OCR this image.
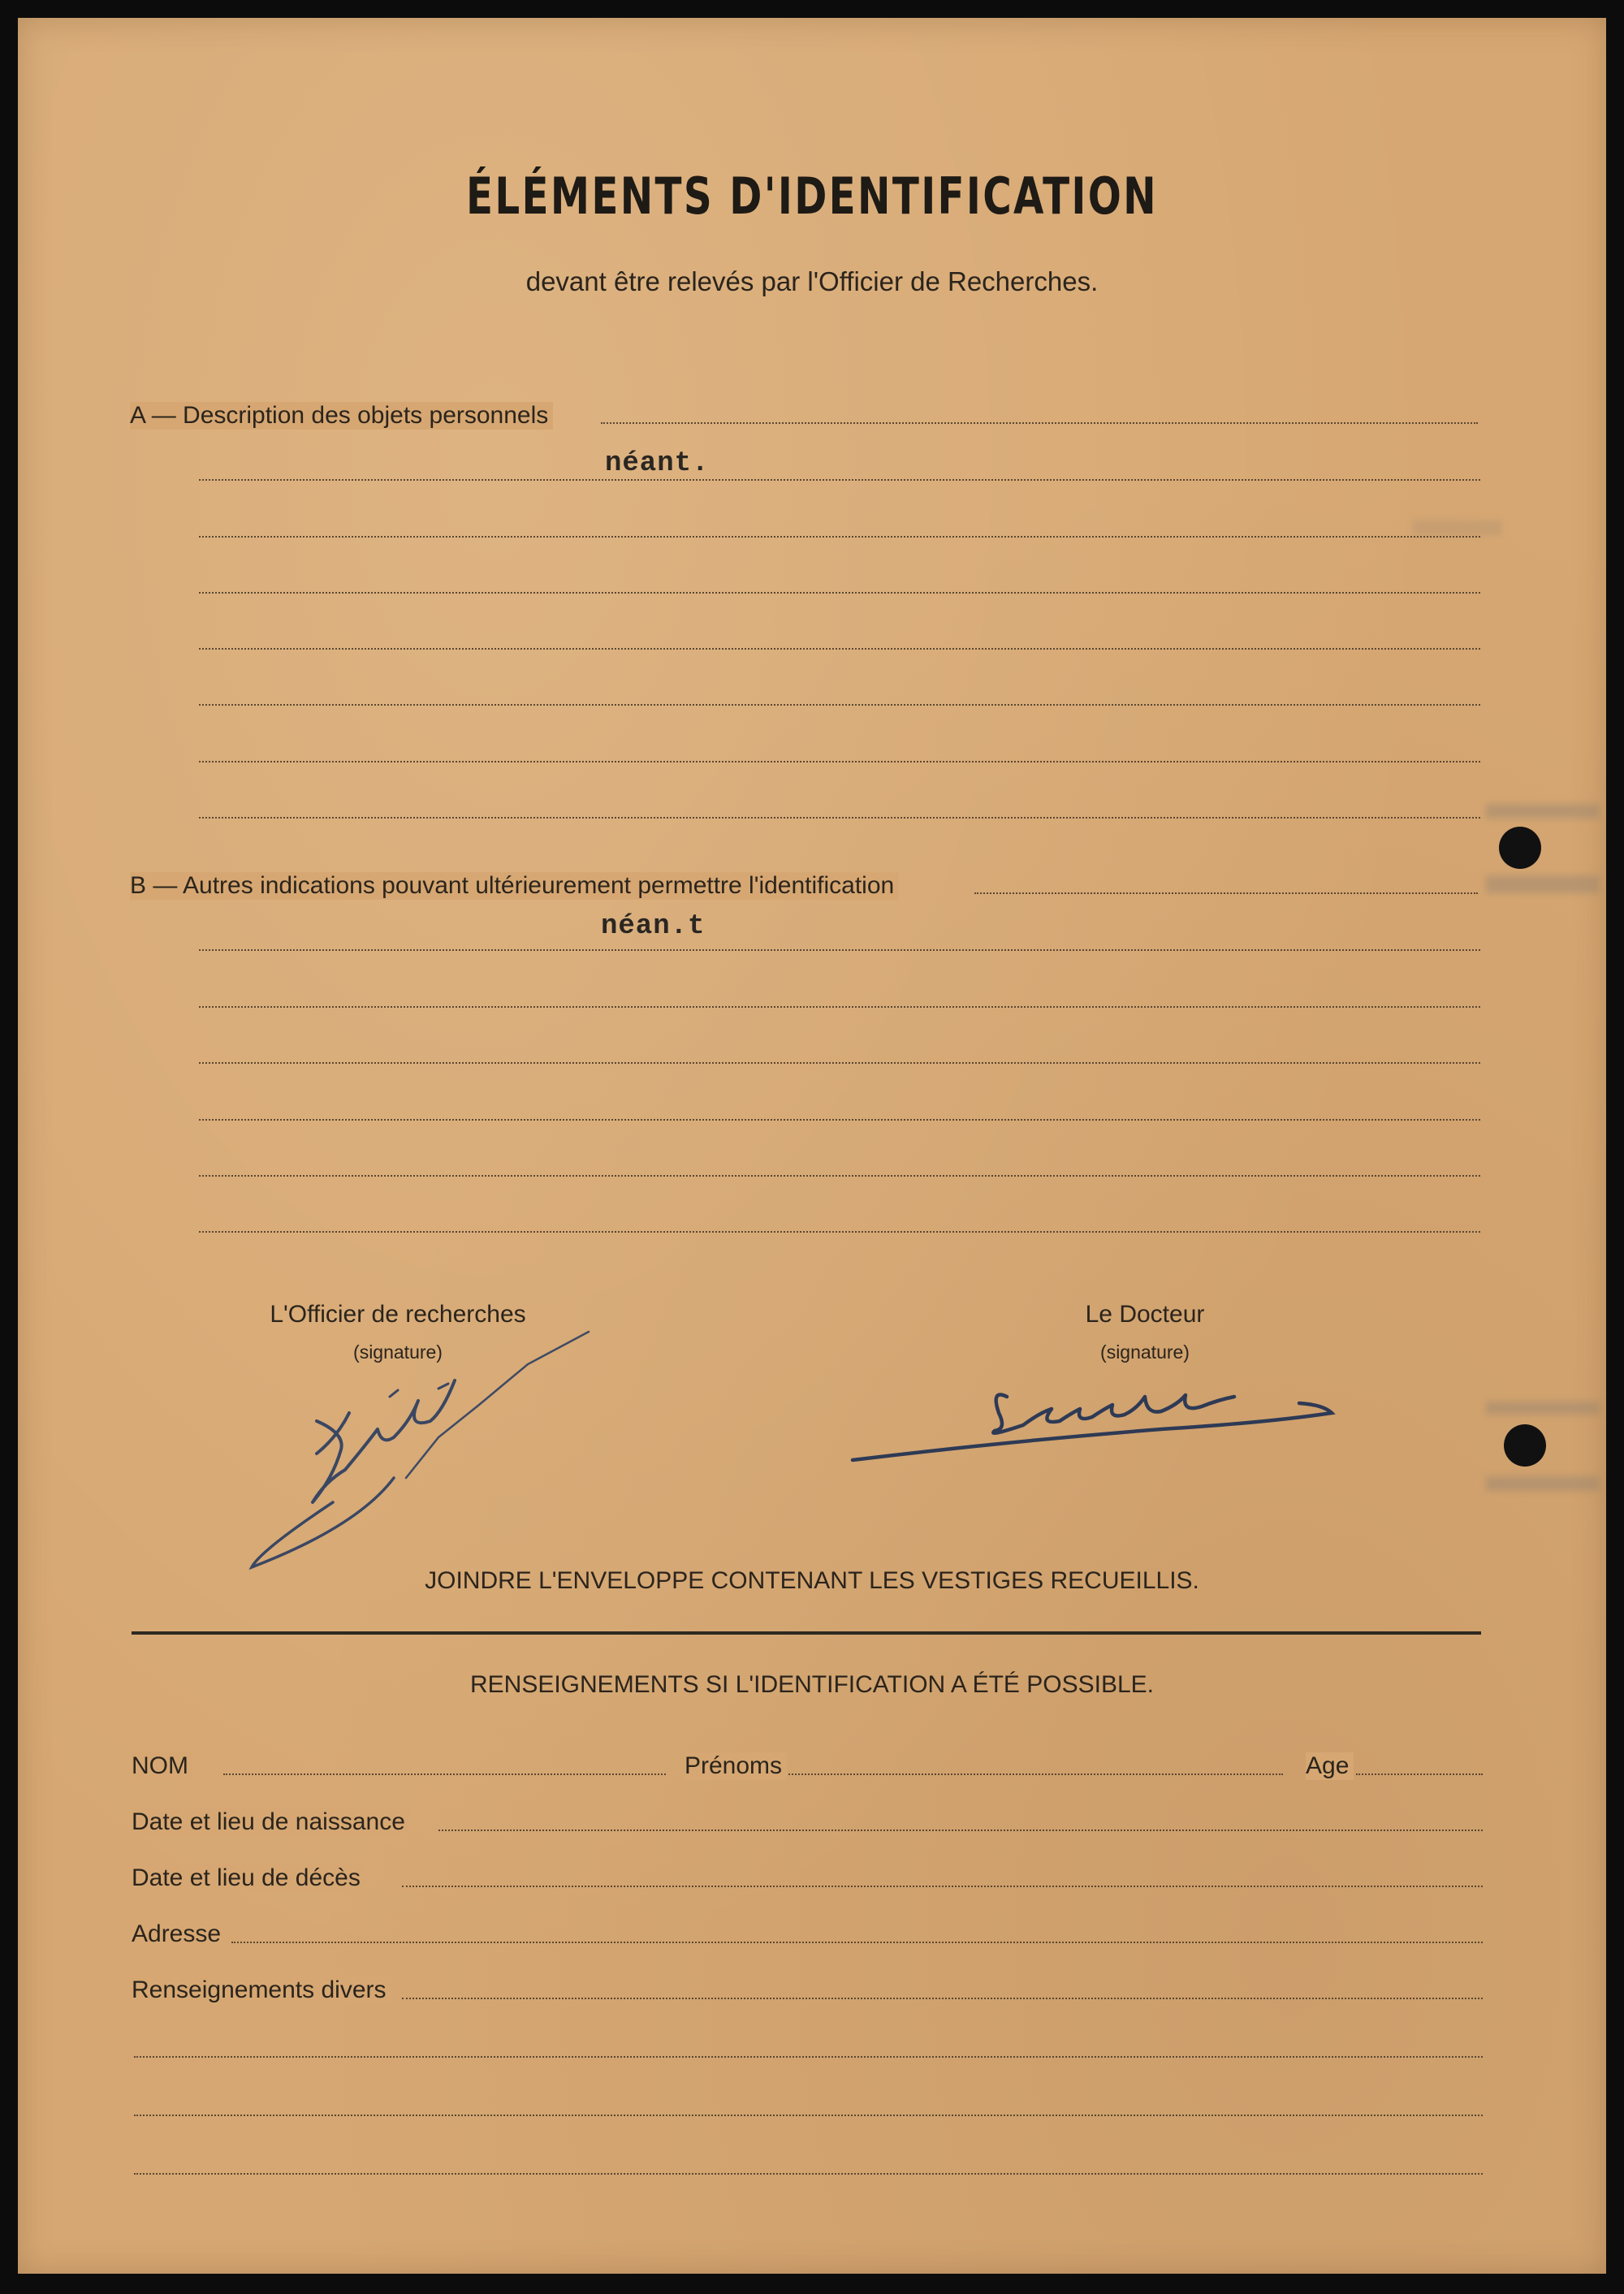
ÉLÉMENTS D'IDENTIFICATION
devant être relevés par l'Officier de Recherches.
A — Description des objets personnels
néant.
B — Autres indications pouvant ultérieurement permettre l'identification
néan.t
L'Officier de recherches
(signature)
Le Docteur
(signature)
JOINDRE L'ENVELOPPE CONTENANT LES VESTIGES RECUEILLIS.
RENSEIGNEMENTS SI L'IDENTIFICATION A ÉTÉ POSSIBLE.
NOM	Prénoms	Age
Date et lieu de naissance
Date et lieu de décès
Adresse
Renseignements divers
